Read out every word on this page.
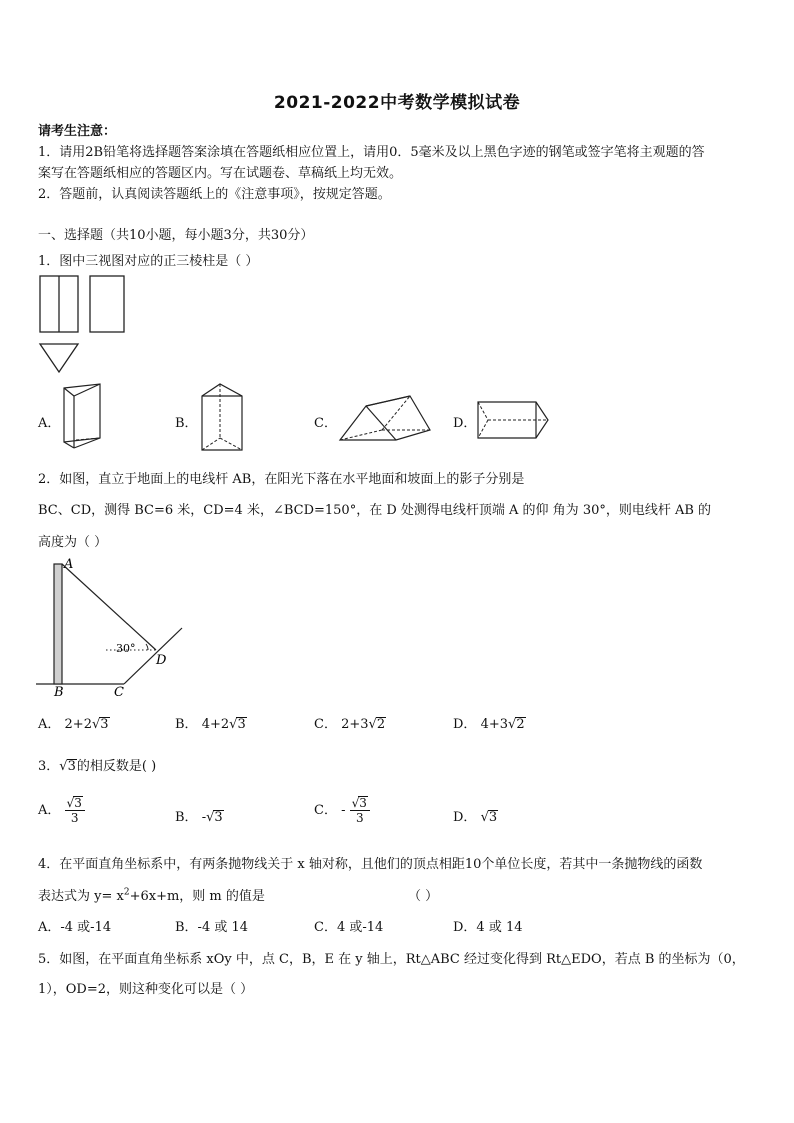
2021-2022中考数学模拟试卷
请考生注意：
1．请用2B铅笔将选择题答案涂填在答题纸相应位置上，请用0．5毫米及以上黑色字迹的钢笔或签字笔将主观题的答
案写在答题纸相应的答题区内。写在试题卷、草稿纸上均无效。
2．答题前，认真阅读答题纸上的《注意事项》，按规定答题。
一、选择题（共10小题，每小题3分，共30分）
1．图中三视图对应的正三棱柱是（ ）
A．	B．	C．	D．
2．如图，直立于地面上的电线杆 AB，在阳光下落在水平地面和坡面上的影子分别是
BC、CD，测得 BC=6 米，CD=4 米，∠BCD=150°，在 D 处测得电线杆顶端 A 的仰 角为 30°，则电线杆 AB 的
高度为（ ）
A
B	C
D
30°
A． 2+2√3	B． 4+2√3	C． 2+3√2	D． 4+3√2
3．√3的相反数是( )
A． $\frac{√3}{3}$	B． -√3	C． - $\frac{√3}{3}$	D． √3
4．在平面直角坐标系中，有两条抛物线关于 x 轴对称，且他们的顶点相距10个单位长度，若其中一条抛物线的函数
表达式为 $y= x^2+6x+m$，则 m 的值是	（ ）
A．-4 或-14	B．-4 或 14	C．4 或-14	D．4 或 14
5．如图，在平面直角坐标系 xOy 中，点 C，B，E 在 y 轴上，Rt△ABC 经过变化得到 Rt△EDO，若点 B 的坐标为（0，
1），OD=2，则这种变化可以是（ ）
